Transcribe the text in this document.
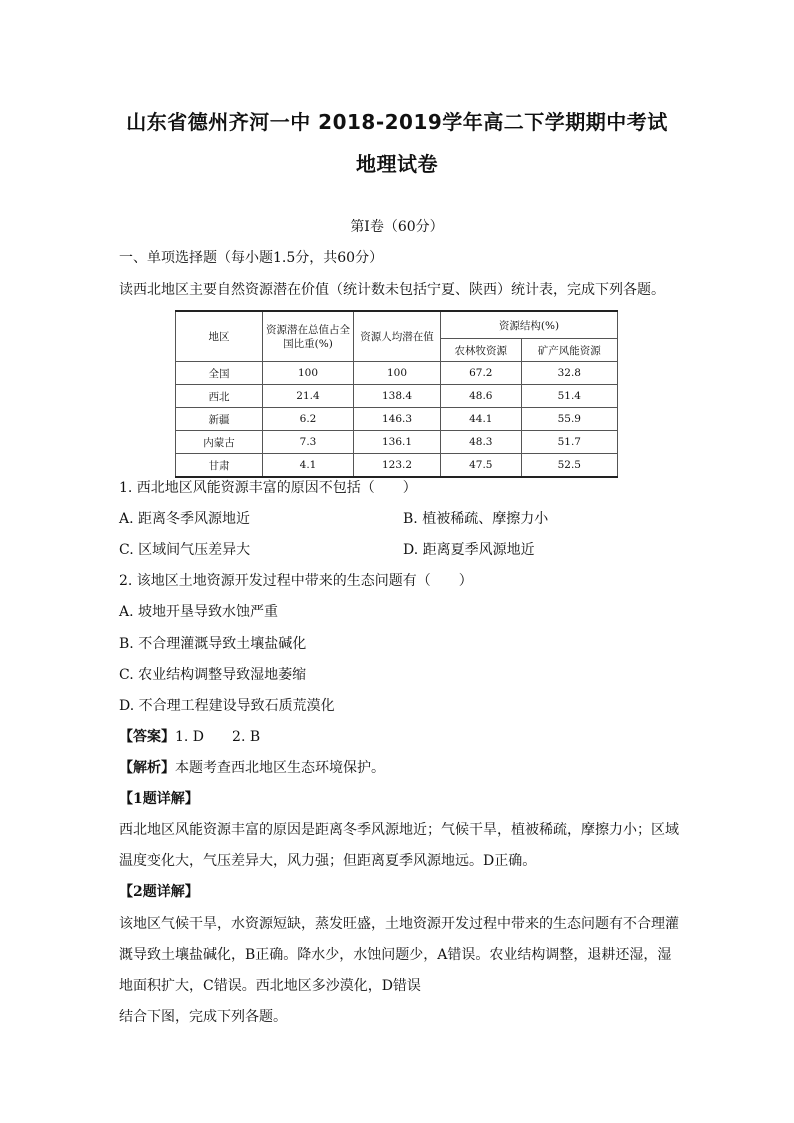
山东省德州齐河一中 2018-2019学年高二下学期期中考试
地理试卷
第Ⅰ卷（60分）
一、单项选择题（每小题1.5分，共60分）
读西北地区主要自然资源潜在价值（统计数未包括宁夏、陕西）统计表，完成下列各题。
地区	资源潜在总值占全国比重(%)	资源人均潜在值	资源结构(%)	
			农林牧资源	矿产风能资源
全国	100	100	67.2	32.8
西北	21.4	138.4	48.6	51.4
新疆	6.2	146.3	44.1	55.9
内蒙古	7.3	136.1	48.3	51.7
甘肃	4.1	123.2	47.5	52.5
1. 西北地区风能资源丰富的原因不包括（　　）
A. 距离冬季风源地近	B. 植被稀疏、摩擦力小
C. 区域间气压差异大	D. 距离夏季风源地近
2. 该地区土地资源开发过程中带来的生态问题有（　　）
A. 坡地开垦导致水蚀严重
B. 不合理灌溉导致土壤盐碱化
C. 农业结构调整导致湿地萎缩
D. 不合理工程建设导致石质荒漠化
【答案】1. D　　2. B
【解析】本题考查西北地区生态环境保护。
【1题详解】
西北地区风能资源丰富的原因是距离冬季风源地近；气候干旱，植被稀疏，摩擦力小；区域
温度变化大，气压差异大，风力强；但距离夏季风源地远。D正确。
【2题详解】
该地区气候干旱，水资源短缺，蒸发旺盛，土地资源开发过程中带来的生态问题有不合理灌
溉导致土壤盐碱化，B正确。降水少，水蚀问题少，A错误。农业结构调整，退耕还湿，湿
地面积扩大，C错误。西北地区多沙漠化，D错误
结合下图，完成下列各题。
